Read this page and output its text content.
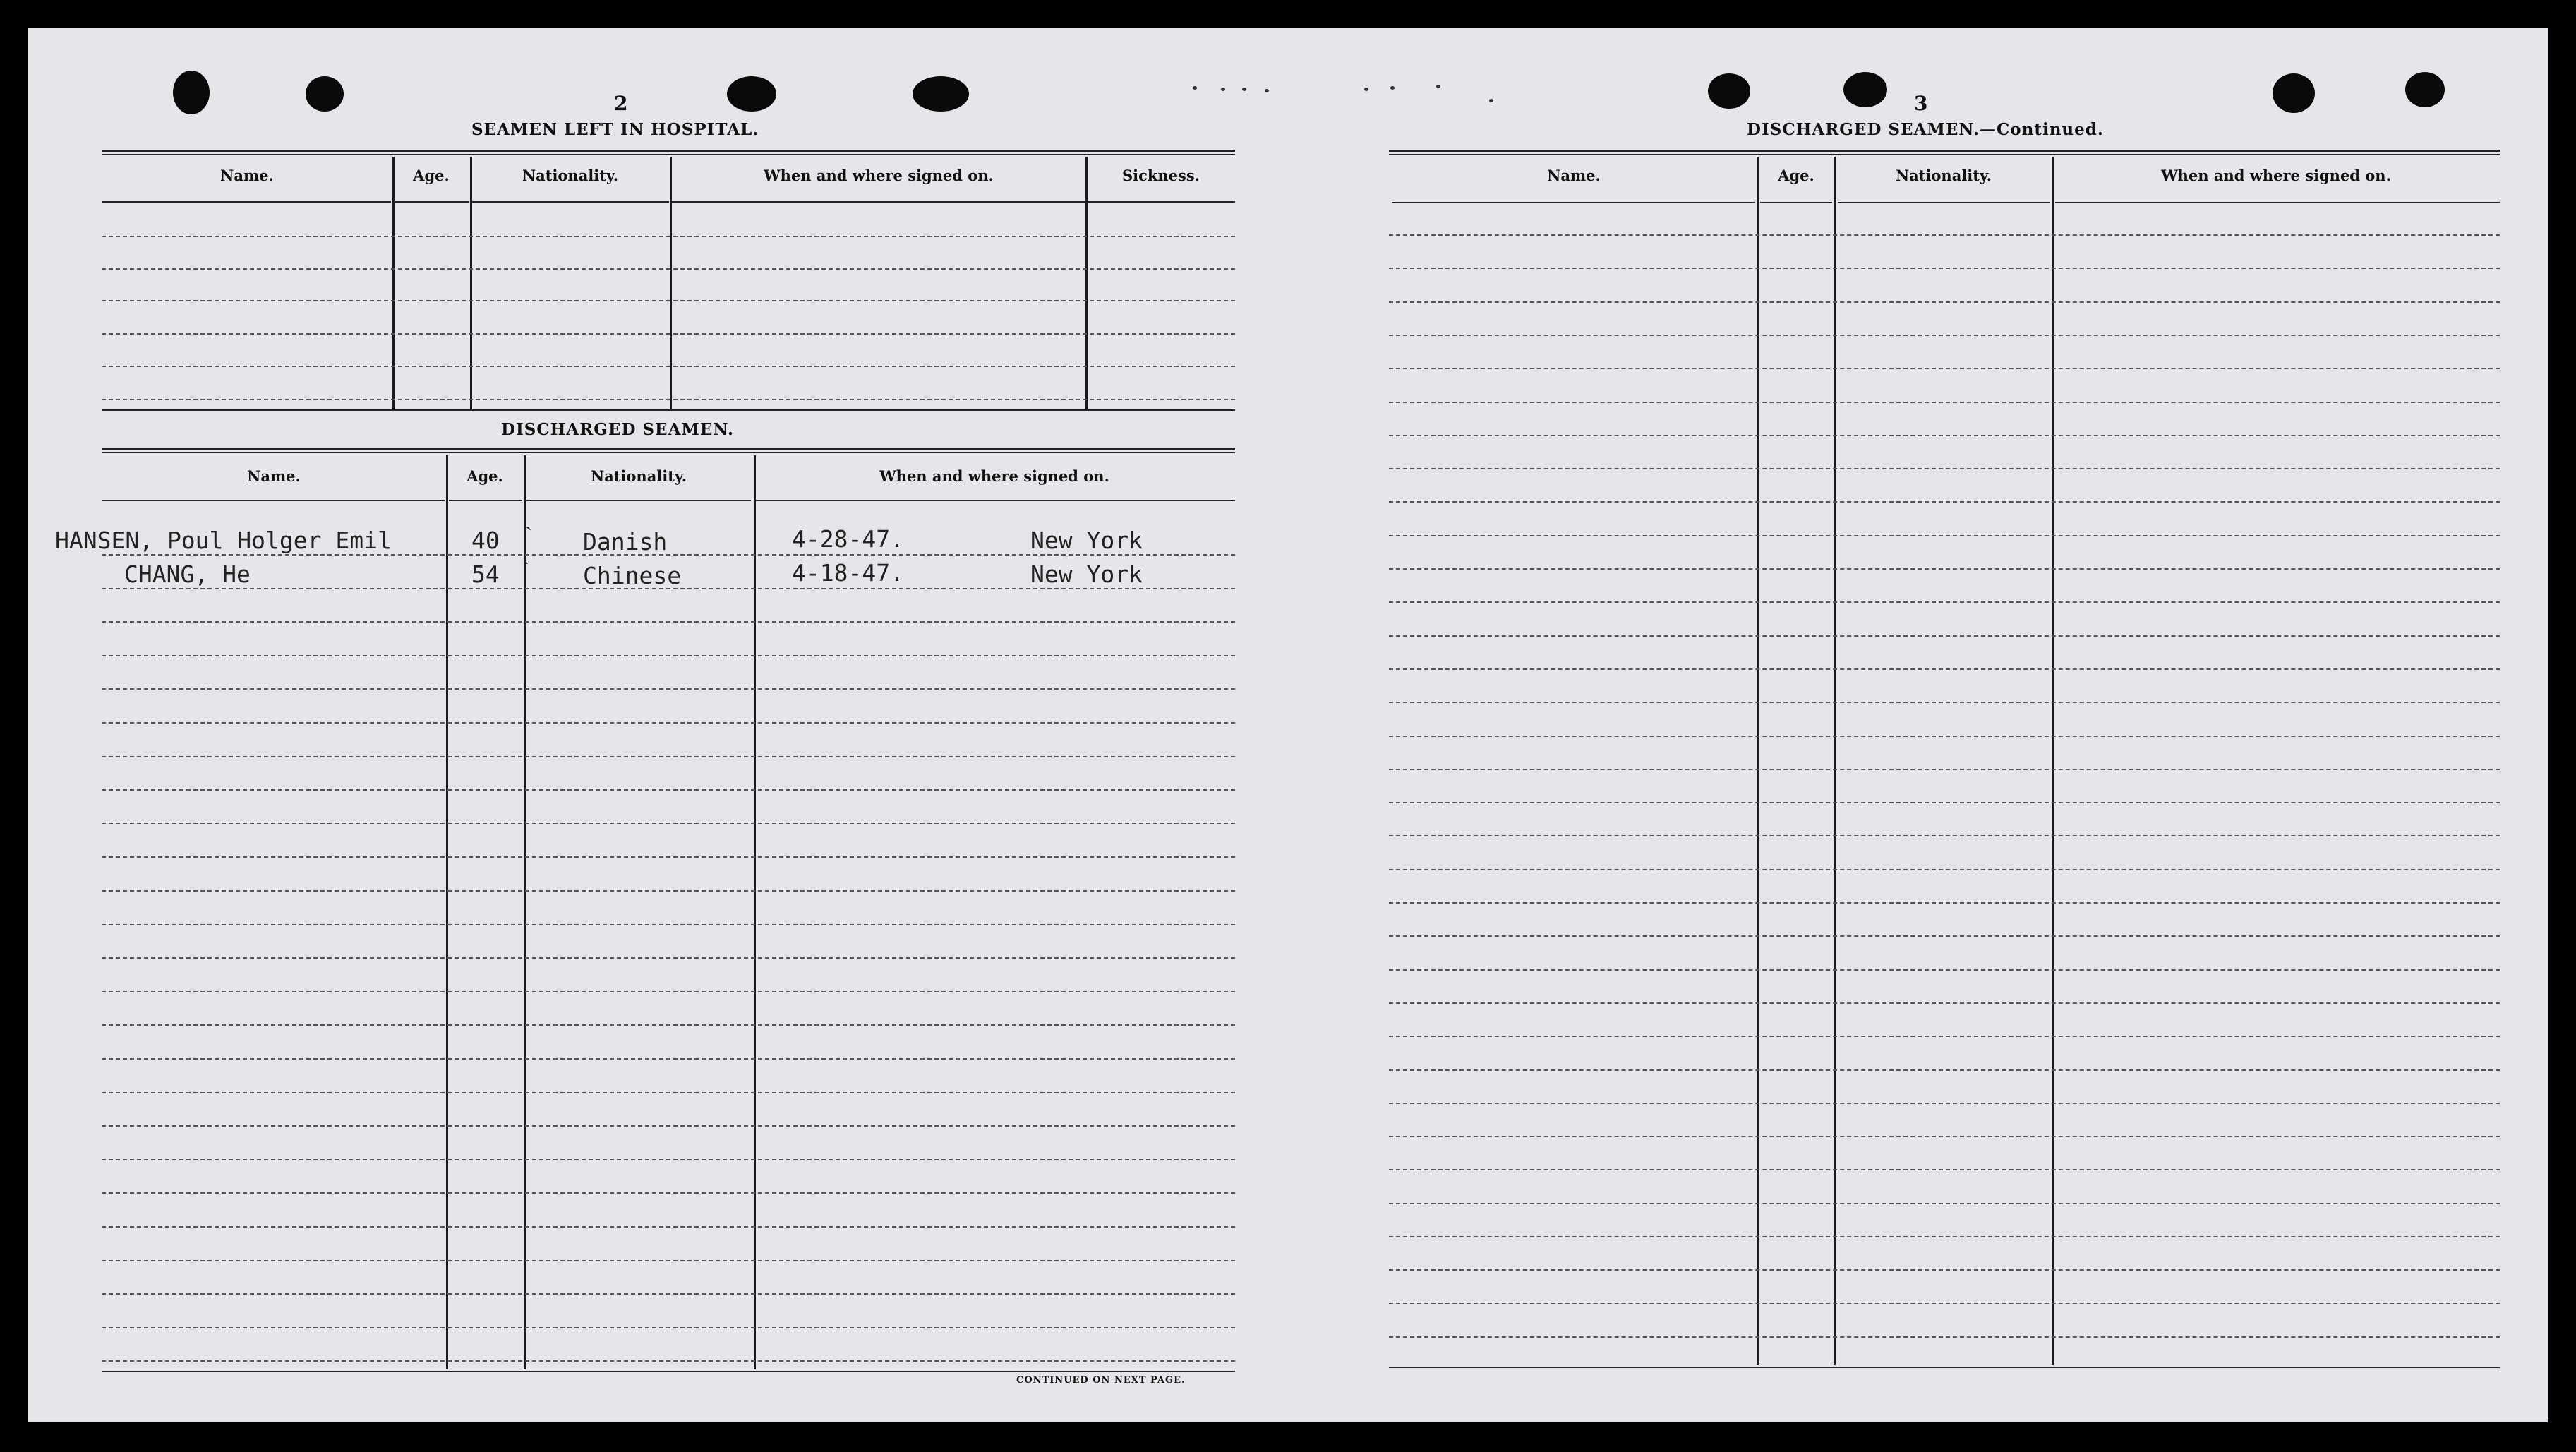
2
SEAMEN LEFT IN HOSPITAL.
Name.	Age.	Nationality.	When and where signed on.	Sickness.
DISCHARGED SEAMEN.
Name.	Age.	Nationality.	When and where signed on.
HANSEN, Poul Holger Emil	40 ˋ Danish	4-28-47.	New York
CHANG, He	54 ˋ Chinese	4-18-47.	New York
CONTINUED ON NEXT PAGE.
3
DISCHARGED SEAMEN.—Continued.
Name.	Age.	Nationality.	When and where signed on.
